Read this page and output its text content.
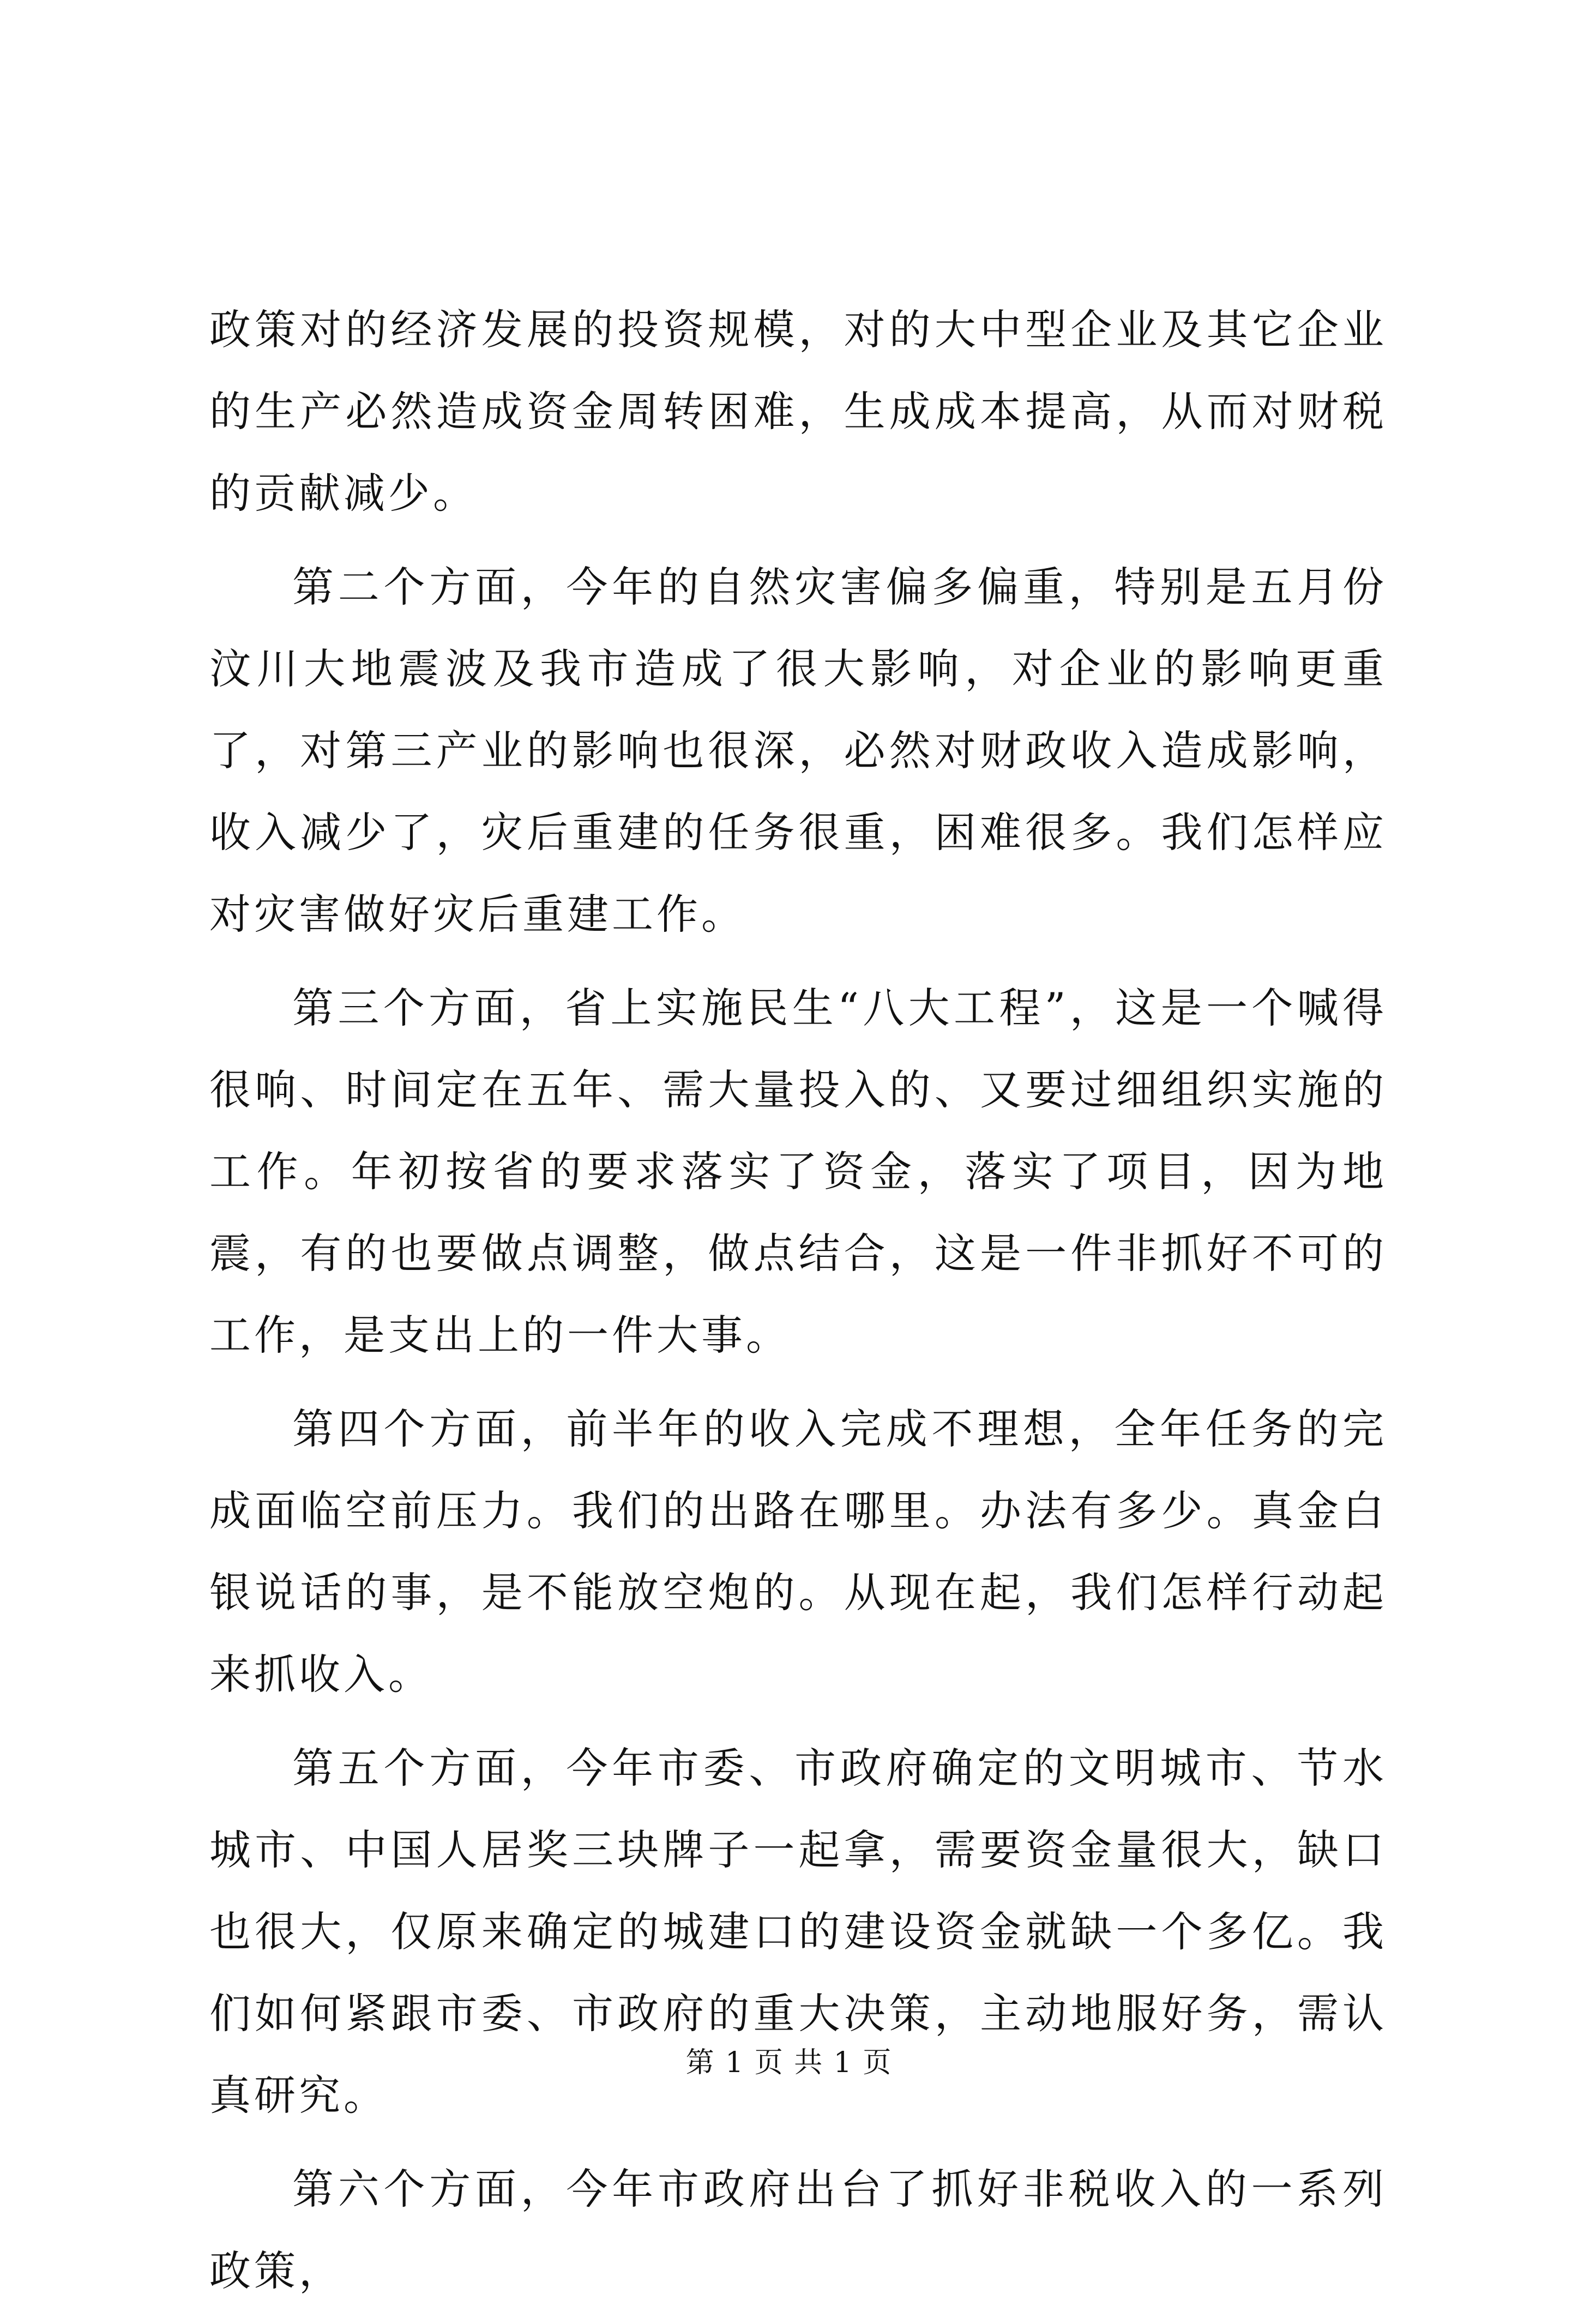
政策对的经济发展的投资规模，对的大中型企业及其它企业的生产必然造成资金周转困难，生成成本提高，从而对财税的贡献减少。

第二个方面，今年的自然灾害偏多偏重，特别是五月份汶川大地震波及我市造成了很大影响，对企业的影响更重了，对第三产业的影响也很深，必然对财政收入造成影响，收入减少了，灾后重建的任务很重，困难很多。我们怎样应对灾害做好灾后重建工作。

第三个方面，省上实施民生“八大工程”，这是一个喊得很响、时间定在五年、需大量投入的、又要过细组织实施的工作。年初按省的要求落实了资金，落实了项目，因为地震，有的也要做点调整，做点结合，这是一件非抓好不可的工作，是支出上的一件大事。

第四个方面，前半年的收入完成不理想，全年任务的完成面临空前压力。我们的出路在哪里。办法有多少。真金白银说话的事，是不能放空炮的。从现在起，我们怎样行动起来抓收入。

第五个方面，今年市委、市政府确定的文明城市、节水城市、中国人居奖三块牌子一起拿，需要资金量很大，缺口也很大，仅原来确定的城建口的建设资金就缺一个多亿。我们如何紧跟市委、市政府的重大决策，主动地服好务，需认真研究。

第六个方面，今年市政府出台了抓好非税收入的一系列政策，

第 1 页 共 1 页
